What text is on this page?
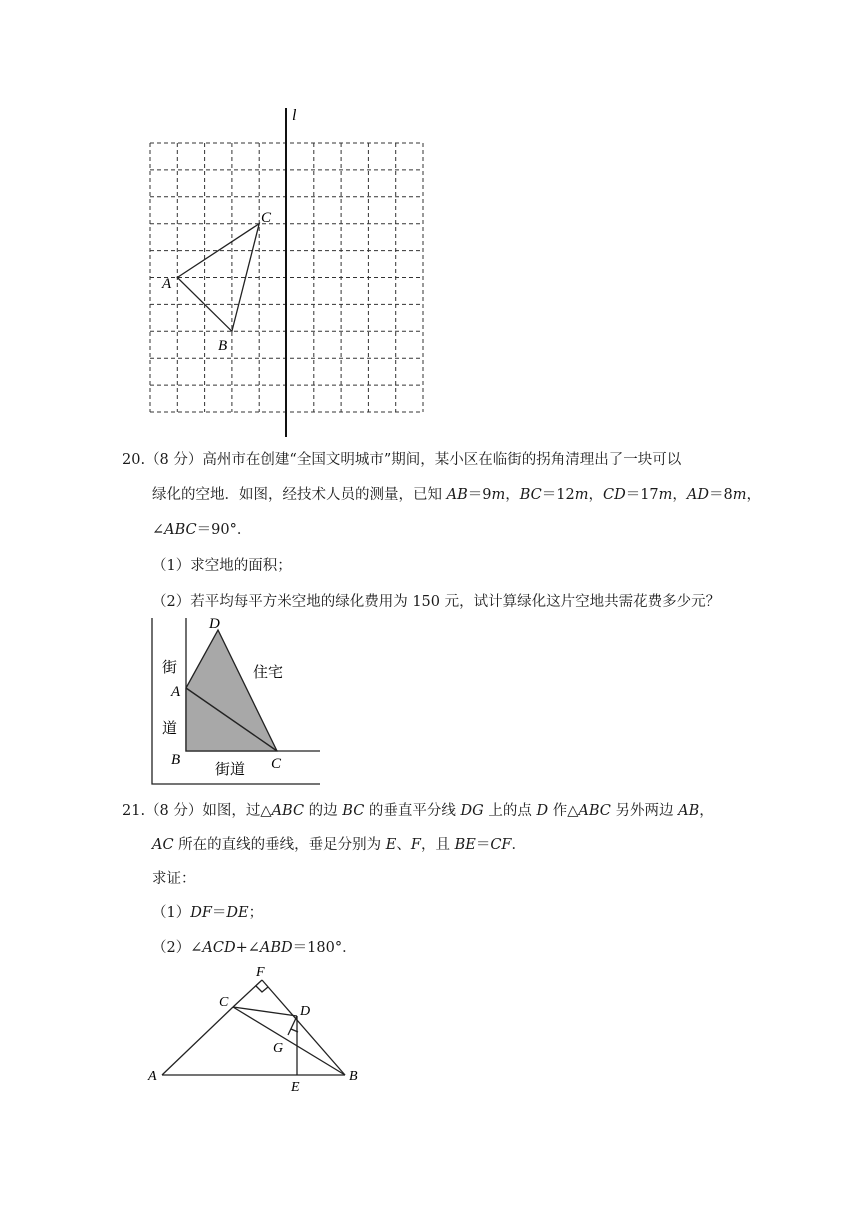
l
A
B
C
20.（8 分）高州市在创建“全国文明城市”期间，某小区在临街的拐角清理出了一块可以
绿化的空地．如图，经技术人员的测量，已知 AB＝9m，BC＝12m，CD＝17m，AD＝8m，
∠ABC＝90°．
（1）求空地的面积；
（2）若平均每平方米空地的绿化费用为 150 元，试计算绿化这片空地共需花费多少元？
D
A
B	C
街
道
街道
住宅
21.（8 分）如图，过△ABC 的边 BC 的垂直平分线 DG 上的点 D 作△ABC 另外两边 AB，
AC 所在的直线的垂线，垂足分别为 E、F，且 BE＝CF．
求证：
（1）DF＝DE；
（2）∠ACD+∠ABD＝180°．
F
C
D
G
A
E
B
